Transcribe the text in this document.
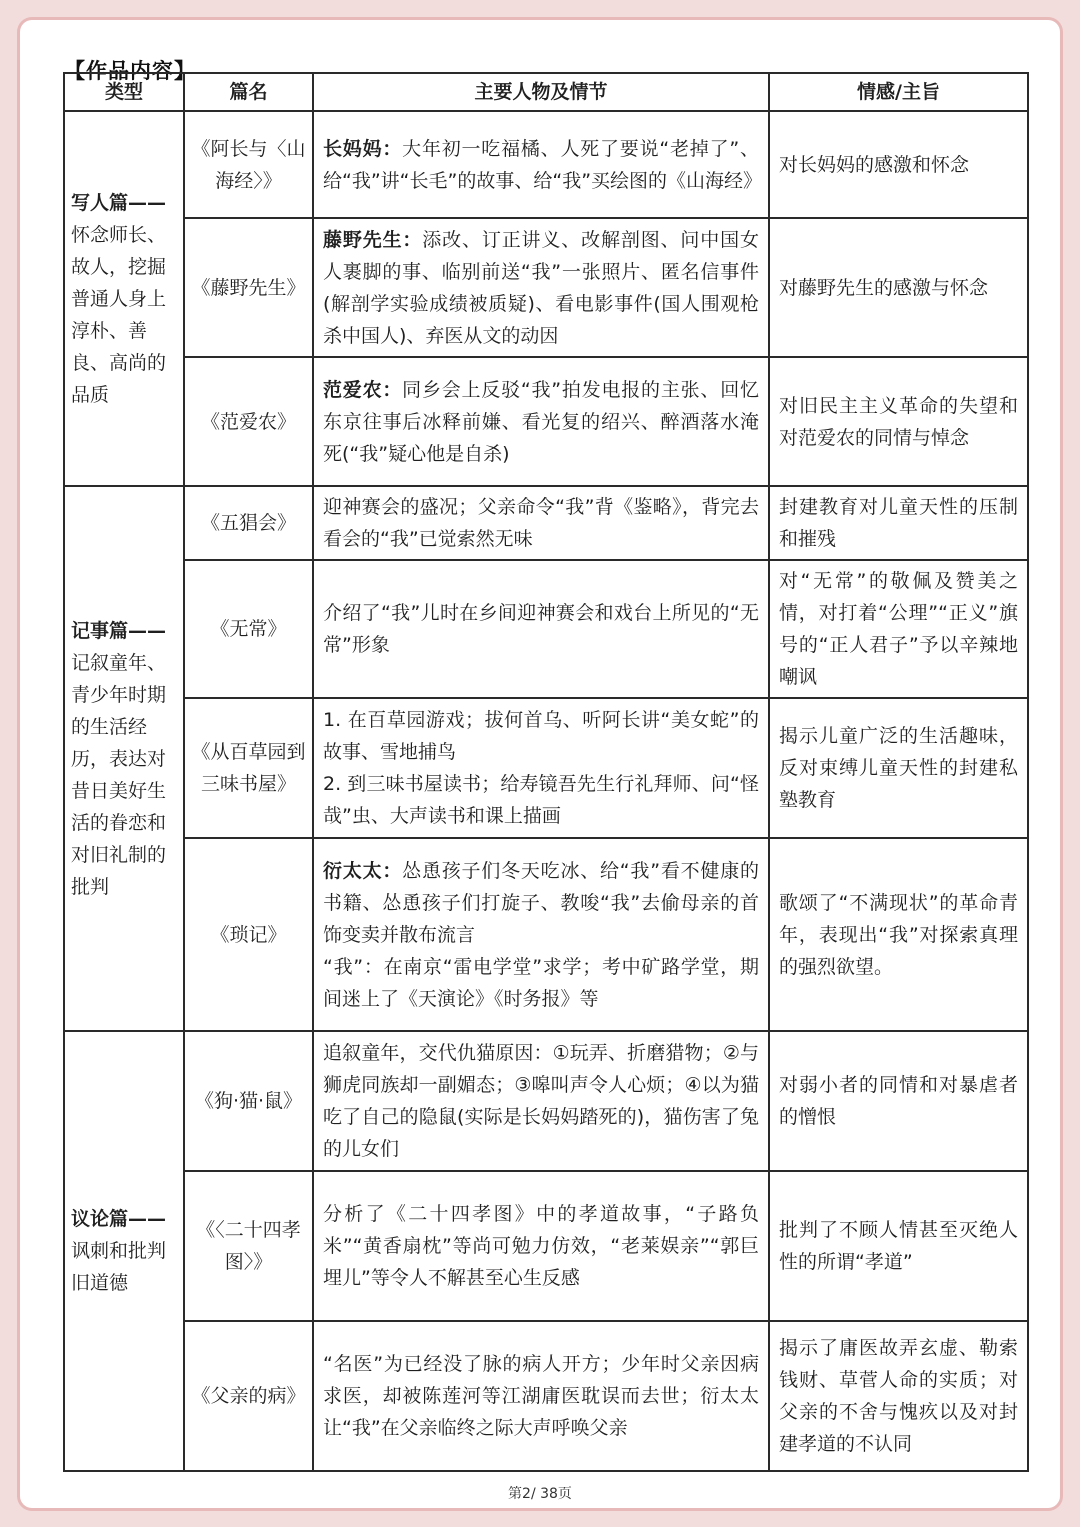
【作品内容】
类型	篇名	主要人物及情节	情感/主旨

写人篇——
怀念师长、故人，挖掘普通人身上淳朴、善良、高尚的品质	《阿长与〈山海经〉》	长妈妈：大年初一吃福橘、人死了要说“老掉了”、给“我”讲“长毛”的故事、给“我”买绘图的《山海经》	对长妈妈的感激和怀念
	《藤野先生》	藤野先生：添改、订正讲义、改解剖图、问中国女人裹脚的事、临别前送“我”一张照片、匿名信事件(解剖学实验成绩被质疑)、看电影事件(国人围观枪杀中国人)、弃医从文的动因	对藤野先生的感激与怀念
	《范爱农》	范爱农：同乡会上反驳“我”拍发电报的主张、回忆东京往事后冰释前嫌、看光复的绍兴、醉酒落水淹死(“我”疑心他是自杀)	对旧民主主义革命的失望和对范爱农的同情与悼念

记事篇——
记叙童年、青少年时期的生活经历，表达对昔日美好生活的眷恋和对旧礼制的批判	《五猖会》	迎神赛会的盛况；父亲命令“我”背《鉴略》，背完去看会的“我”已觉索然无味	封建教育对儿童天性的压制和摧残
	《无常》	介绍了“我”儿时在乡间迎神赛会和戏台上所见的“无常”形象	对“无常”的敬佩及赞美之情，对打着“公理”“正义”旗号的“正人君子”予以辛辣地嘲讽
	《从百草园到三味书屋》	1. 在百草园游戏；拔何首乌、听阿长讲“美女蛇”的故事、雪地捕鸟
2. 到三味书屋读书；给寿镜吾先生行礼拜师、问“怪哉”虫、大声读书和课上描画	揭示儿童广泛的生活趣味，反对束缚儿童天性的封建私塾教育
	《琐记》	衍太太：怂恿孩子们冬天吃冰、给“我”看不健康的书籍、怂恿孩子们打旋子、教唆“我”去偷母亲的首饰变卖并散布流言
“我”：在南京“雷电学堂”求学；考中矿路学堂，期间迷上了《天演论》《时务报》等	歌颂了“不满现状”的革命青年，表现出“我”对探索真理的强烈欲望。

议论篇——
讽刺和批判旧道德	《狗·猫·鼠》	追叙童年，交代仇猫原因：①玩弄、折磨猎物；②与狮虎同族却一副媚态；③嗥叫声令人心烦；④以为猫吃了自己的隐鼠(实际是长妈妈踏死的)，猫伤害了兔的儿女们	对弱小者的同情和对暴虐者的憎恨
	《〈二十四孝图〉》	分析了《二十四孝图》中的孝道故事，“子路负米”“黄香扇枕”等尚可勉力仿效，“老莱娱亲”“郭巨埋儿”等令人不解甚至心生反感	批判了不顾人情甚至灭绝人性的所谓“孝道”
	《父亲的病》	“名医”为已经没了脉的病人开方；少年时父亲因病求医，却被陈莲河等江湖庸医耽误而去世；衍太太让“我”在父亲临终之际大声呼唤父亲	揭示了庸医故弄玄虚、勒索钱财、草菅人命的实质；对父亲的不舍与愧疚以及对封建孝道的不认同
第2/ 38页
